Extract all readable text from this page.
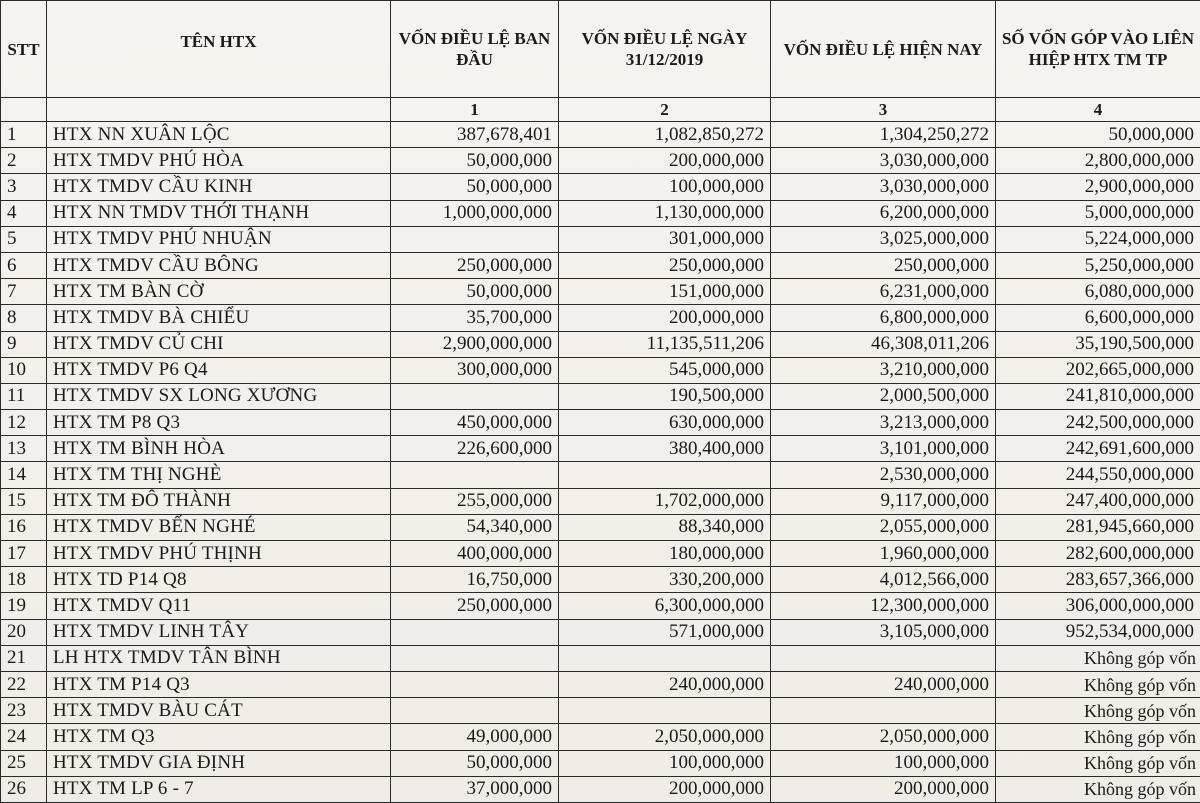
STT	TÊN HTX	VỐN ĐIỀU LỆ BAN ĐẦU	VỐN ĐIỀU LỆ NGÀY 31/12/2019	VỐN ĐIỀU LỆ HIỆN NAY	SỐ VỐN GÓP VÀO LIÊN HIỆP HTX TM TP
		1	2	3	4
1	HTX NN XUÂN LỘC	387,678,401	1,082,850,272	1,304,250,272	50,000,000
2	HTX TMDV PHÚ HÒA	50,000,000	200,000,000	3,030,000,000	2,800,000,000
3	HTX TMDV CẦU KINH	50,000,000	100,000,000	3,030,000,000	2,900,000,000
4	HTX NN TMDV THỚI THẠNH	1,000,000,000	1,130,000,000	6,200,000,000	5,000,000,000
5	HTX TMDV PHÚ NHUẬN		301,000,000	3,025,000,000	5,224,000,000
6	HTX TMDV CẦU BÔNG	250,000,000	250,000,000	250,000,000	5,250,000,000
7	HTX TM BÀN CỜ	50,000,000	151,000,000	6,231,000,000	6,080,000,000
8	HTX TMDV BÀ CHIỂU	35,700,000	200,000,000	6,800,000,000	6,600,000,000
9	HTX TMDV CỦ CHI	2,900,000,000	11,135,511,206	46,308,011,206	35,190,500,000
10	HTX TMDV P6 Q4	300,000,000	545,000,000	3,210,000,000	202,665,000,000
11	HTX TMDV SX LONG XƯƠNG		190,500,000	2,000,500,000	241,810,000,000
12	HTX TM P8 Q3	450,000,000	630,000,000	3,213,000,000	242,500,000,000
13	HTX TM BÌNH HÒA	226,600,000	380,400,000	3,101,000,000	242,691,600,000
14	HTX TM THỊ NGHÈ			2,530,000,000	244,550,000,000
15	HTX TM ĐÔ THÀNH	255,000,000	1,702,000,000	9,117,000,000	247,400,000,000
16	HTX TMDV BẾN NGHÉ	54,340,000	88,340,000	2,055,000,000	281,945,660,000
17	HTX TMDV PHÚ THỊNH	400,000,000	180,000,000	1,960,000,000	282,600,000,000
18	HTX TD P14 Q8	16,750,000	330,200,000	4,012,566,000	283,657,366,000
19	HTX TMDV Q11	250,000,000	6,300,000,000	12,300,000,000	306,000,000,000
20	HTX TMDV LINH TÂY		571,000,000	3,105,000,000	952,534,000,000
21	LH HTX TMDV TÂN BÌNH				Không góp vốn
22	HTX TM P14 Q3		240,000,000	240,000,000	Không góp vốn
23	HTX TMDV BÀU CÁT				Không góp vốn
24	HTX TM Q3	49,000,000	2,050,000,000	2,050,000,000	Không góp vốn
25	HTX TMDV GIA ĐỊNH	50,000,000	100,000,000	100,000,000	Không góp vốn
26	HTX TM LP 6 - 7	37,000,000	200,000,000	200,000,000	Không góp vốn
